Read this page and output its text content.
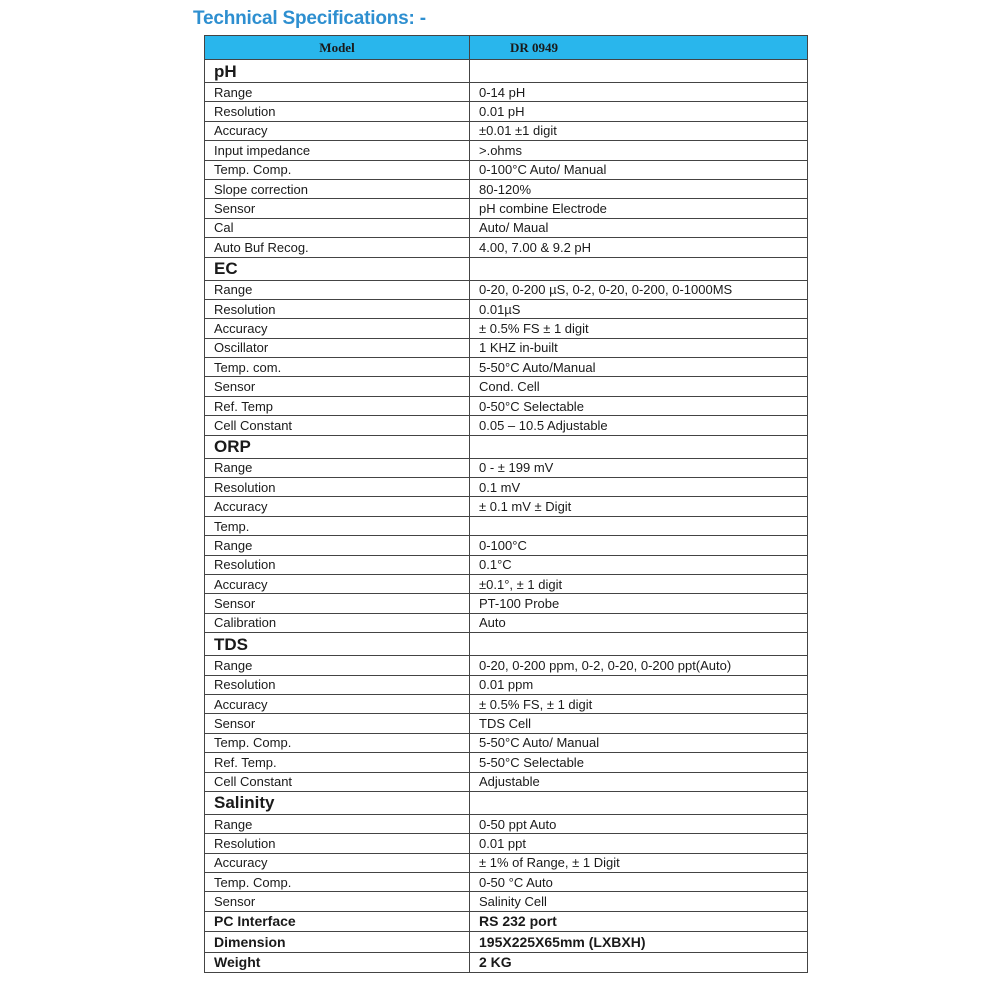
Technical Specifications: -
Model	DR 0949
pH	
Range	0-14 pH
Resolution	0.01 pH
Accuracy	±0.01 ±1 digit
Input impedance	>.ohms
Temp. Comp.	0-100°C Auto/ Manual
Slope correction	80-120%
Sensor	pH combine Electrode
Cal	Auto/ Maual
Auto Buf Recog.	4.00, 7.00 & 9.2 pH
EC	
Range	0-20, 0-200 µS, 0-2, 0-20, 0-200, 0-1000MS
Resolution	0.01µS
Accuracy	± 0.5% FS ± 1 digit
Oscillator	1 KHZ in-built
Temp. com.	5-50°C Auto/Manual
Sensor	Cond. Cell
Ref. Temp	0-50°C Selectable
Cell Constant	0.05 – 10.5 Adjustable
ORP	
Range	0 - ± 199 mV
Resolution	0.1 mV
Accuracy	± 0.1 mV ± Digit
Temp.	
Range	0-100°C
Resolution	0.1°C
Accuracy	±0.1°, ± 1 digit
Sensor	PT-100 Probe
Calibration	Auto
TDS	
Range	0-20, 0-200 ppm, 0-2, 0-20, 0-200 ppt(Auto)
Resolution	0.01 ppm
Accuracy	± 0.5% FS, ± 1 digit
Sensor	TDS Cell
Temp. Comp.	5-50°C Auto/ Manual
Ref. Temp.	5-50°C Selectable
Cell Constant	Adjustable
Salinity	
Range	0-50 ppt Auto
Resolution	0.01 ppt
Accuracy	± 1% of Range, ± 1 Digit
Temp. Comp.	0-50 °C Auto
Sensor	Salinity Cell
PC Interface	RS 232 port
Dimension	195X225X65mm (LXBXH)
Weight	2 KG
